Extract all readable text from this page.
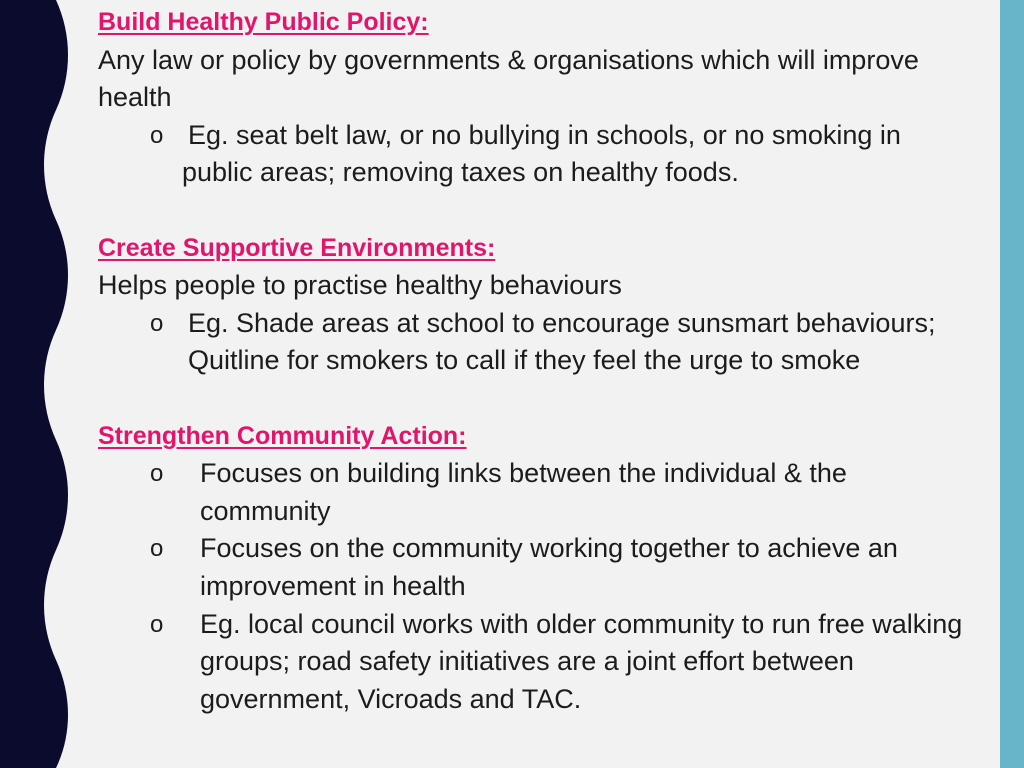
Build Healthy Public Policy:

Any law or policy by governments & organisations which will improve health

o Eg. seat belt law, or no bullying in schools, or no smoking in public areas; removing taxes on healthy foods.

Create Supportive Environments:

Helps people to practise healthy behaviours

o Eg. Shade areas at school to encourage sunsmart behaviours; Quitline for smokers to call if they feel the urge to smoke

Strengthen Community Action:

o Focuses on building links between the individual & the community
o Focuses on the community working together to achieve an improvement in health
o Eg. local council works with older community to run free walking groups; road safety initiatives are a joint effort between government, Vicroads and TAC.
